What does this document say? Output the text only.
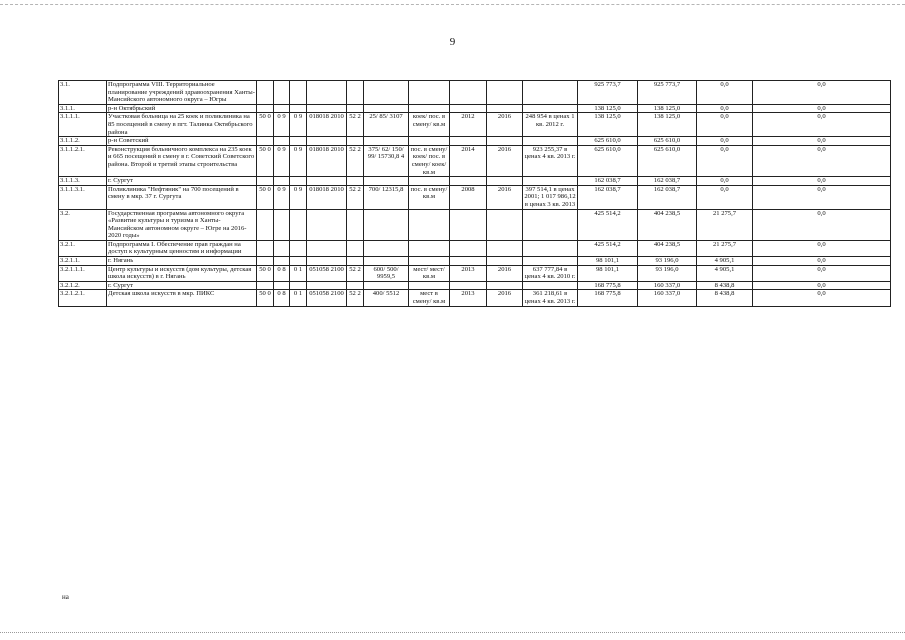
9
3.1.	Подпрограмма VIII. Территориальное планирование учреждений здравоохранения Ханты-Мансийского автономного округа – Югры											925 773,7	925 773,7	0,0	0,0
3.1.1.	р-н Октябрьский											138 125,0	138 125,0	0,0	0,0
3.1.1.1.	Участковая больница на 25 коек и поликлиника на 85 посещений в смену в пгт. Талинка Октябрьского района	50 0	0 9	0 9	018018 2010	52 2	25/ 85/ 3107	коек/ пос. в смену/ кв.м	2012	2016	248 954 в ценах 1 кв. 2012 г.	138 125,0	138 125,0	0,0	0,0
3.1.1.2.	р-н Советский											625 610,0	625 610,0	0,0	0,0
3.1.1.2.1.	Реконструкция больничного комплекса на 235 коек и 665 посещений в смену в г. Советский Советского района. Второй и третий этапы строительства	50 0	0 9	0 9	018018 2010	52 2	375/ 62/ 150/ 99/ 15730,8 4	пос. в смену/ коек/ пос. в смену/ коек/ кв.м	2014	2016	923 255,37 в ценах 4 кв. 2013 г.	625 610,0	625 610,0	0,0	0,0
3.1.1.3.	г. Сургут											162 038,7	162 038,7	0,0	0,0
3.1.1.3.1.	Поликлиника "Нефтяник" на 700 посещений в смену в мкр. 37 г. Сургута	50 0	0 9	0 9	018018 2010	52 2	700/ 12315,8	пос. в смену/ кв.м	2008	2016	397 514,1 в ценах 2001; 1 017 986,12 в ценах 3 кв. 2013	162 038,7	162 038,7	0,0	0,0
3.2.	Государственная программа автономного округа «Развитие культуры и туризма в Ханты-Мансийском автономном округе – Югре на 2016-2020 годы»											425 514,2	404 238,5	21 275,7	0,0
3.2.1.	Подпрограмма I. Обеспечение прав граждан на доступ к культурным ценностям и информации											425 514,2	404 238,5	21 275,7	0,0
3.2.1.1.	г. Нягань											98 101,1	93 196,0	4 905,1	0,0
3.2.1.1.1.	Центр культуры и искусств (дом культуры, детская школа искусств) в г. Нягань	50 0	0 8	0 1	051058 2100	52 2	600/ 500/ 9959,5	мест/ мест/ кв.м	2013	2016	637 777,84 в ценах 4 кв. 2010 г.	98 101,1	93 196,0	4 905,1	0,0
3.2.1.2.	г. Сургут											168 775,8	160 337,0	8 438,8	0,0
3.2.1.2.1.	Детская школа искусств в мкр. ПИКС	50 0	0 8	0 1	051058 2100	52 2	400/ 5512	мест в смену/ кв.м	2013	2016	361 218,61 в ценах 4 кв. 2013 г.	168 775,8	160 337,0	8 438,8	0,0
на
